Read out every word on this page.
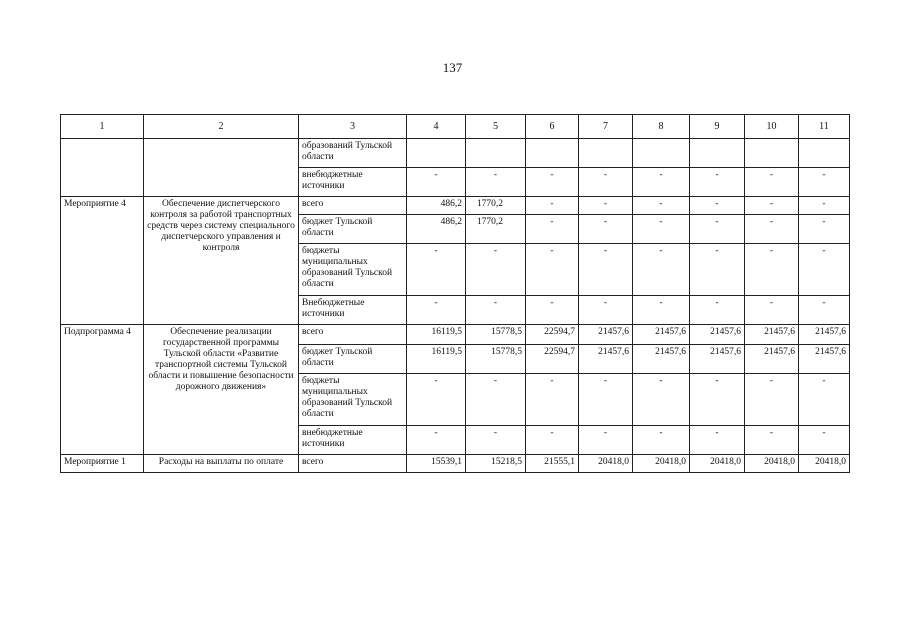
137
1	2	3	4	5	6	7	8	9	10	11
		образований Тульской области								
		внебюджетные источники	-	-	-	-	-	-	-	-
Мероприятие 4	Обеспечение диспетчерского контроля за работой транспортных средств через систему специального диспетчерского управления и контроля	всего	486,2	1770,2	-	-	-	-	-	-
		бюджет Тульской области	486,2	1770,2	-	-	-	-	-	-
		бюджеты муниципальных образований Тульской области	-	-	-	-	-	-	-	-
		Внебюджетные источники	-	-	-	-	-	-	-	-
Подпрограмма 4	Обеспечение реализации государственной программы Тульской области «Развитие транспортной системы Тульской области и повышение безопасности дорожного движения»	всего	16119,5	15778,5	22594,7	21457,6	21457,6	21457,6	21457,6	21457,6
		бюджет Тульской области	16119,5	15778,5	22594,7	21457,6	21457,6	21457,6	21457,6	21457,6
		бюджеты муниципальных образований Тульской области	-	-	-	-	-	-	-	-
		внебюджетные источники	-	-	-	-	-	-	-	-
Мероприятие 1	Расходы на выплаты по оплате	всего	15539,1	15218,5	21555,1	20418,0	20418,0	20418,0	20418,0	20418,0
